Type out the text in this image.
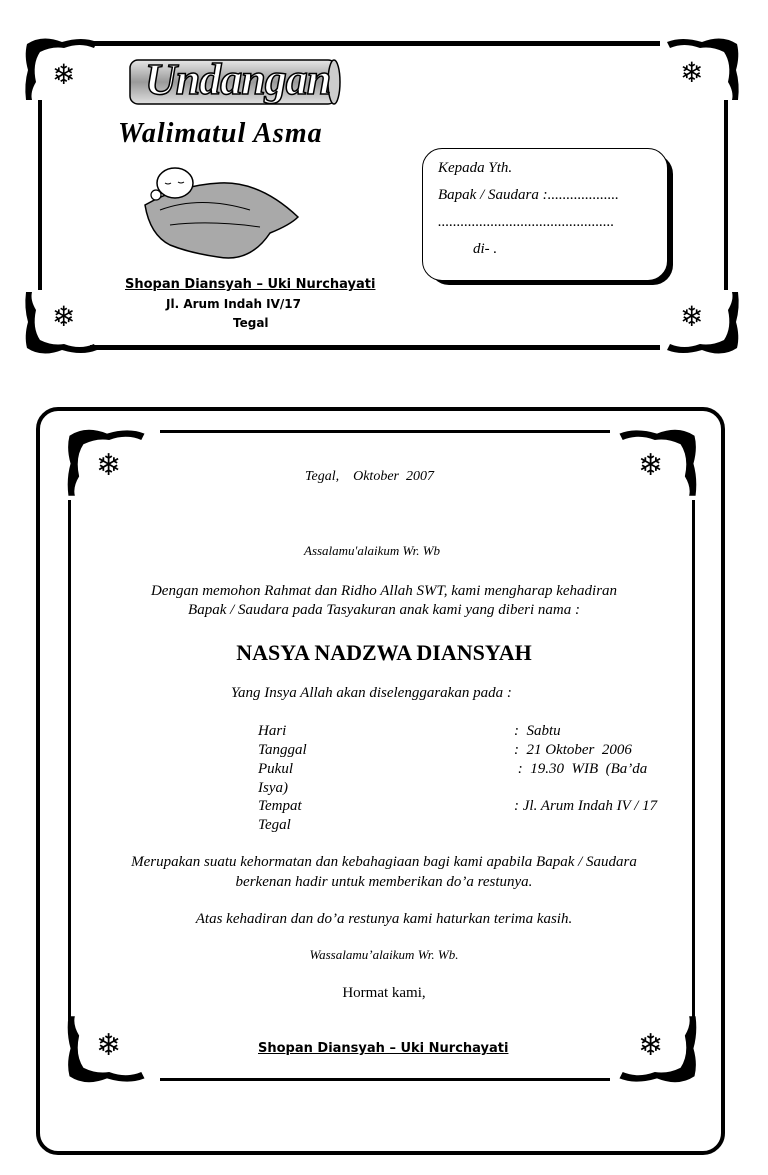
❄	❄
❄	❄
Undangan
Walimatul Asma
Shopan Diansyah – Uki Nurchayati
Jl. Arum Indah IV/17
Tegal
Kepada Yth.
Bapak / Saudara :...................
...............................................
di- .
❄	❄
❄	❄
Tegal,    Oktober  2007
Assalamu'alaikum Wr. Wb
Dengan memohon Rahmat dan Ridho Allah SWT, kami mengharap kehadiran
Bapak / Saudara pada Tasyakuran anak kami yang diberi nama :
NASYA NADZWA DIANSYAH
Yang Insya Allah akan diselenggarakan pada :
Hari	:  Sabtu
Tanggal	:  21 Oktober  2006
Pukul	:  19.30  WIB  (Ba’da
Isya)
Tempat	: Jl. Arum Indah IV / 17
Tegal
Merupakan suatu kehormatan dan kebahagiaan bagi kami apabila Bapak / Saudara
berkenan hadir untuk memberikan do’a restunya.
Atas kehadiran dan do’a restunya kami haturkan terima kasih.
Wassalamu’alaikum Wr. Wb.
Hormat kami,
Shopan Diansyah – Uki Nurchayati
